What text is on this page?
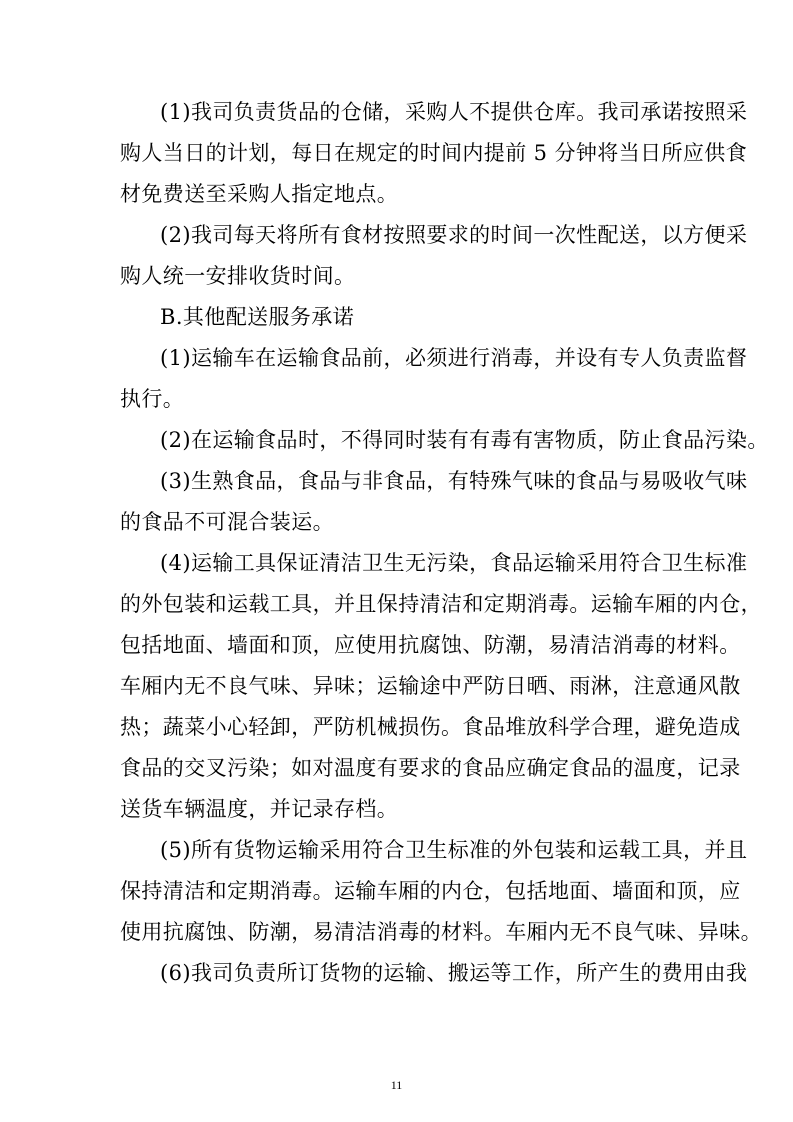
(1)我司负责货品的仓储，采购人不提供仓库。我司承诺按照采
购人当日的计划，每日在规定的时间内提前 5 分钟将当日所应供食
材免费送至采购人指定地点。
(2)我司每天将所有食材按照要求的时间一次性配送，以方便采
购人统一安排收货时间。
B.其他配送服务承诺
(1)运输车在运输食品前，必须进行消毒，并设有专人负责监督
执行。
(2)在运输食品时，不得同时装有有毒有害物质，防止食品污染。
(3)生熟食品，食品与非食品，有特殊气味的食品与易吸收气味
的食品不可混合装运。
(4)运输工具保证清洁卫生无污染，食品运输采用符合卫生标准
的外包装和运载工具，并且保持清洁和定期消毒。运输车厢的内仓，
包括地面、墙面和顶，应使用抗腐蚀、防潮，易清洁消毒的材料。
车厢内无不良气味、异味；运输途中严防日晒、雨淋，注意通风散
热；蔬菜小心轻卸，严防机械损伤。食品堆放科学合理，避免造成
食品的交叉污染；如对温度有要求的食品应确定食品的温度，记录
送货车辆温度，并记录存档。
(5)所有货物运输采用符合卫生标准的外包装和运载工具，并且
保持清洁和定期消毒。运输车厢的内仓，包括地面、墙面和顶，应
使用抗腐蚀、防潮，易清洁消毒的材料。车厢内无不良气味、异味。
(6)我司负责所订货物的运输、搬运等工作，所产生的费用由我
11
